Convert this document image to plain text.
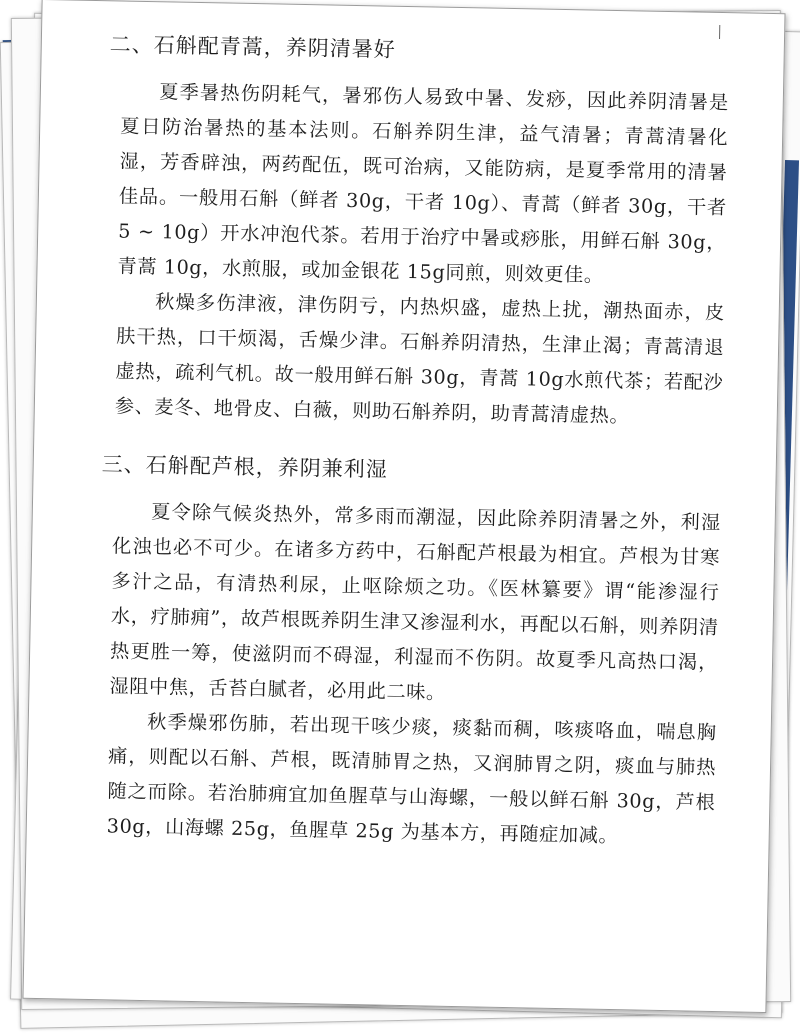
二、石斛配青蒿，养阴清暑好

夏季暑热伤阴耗气，暑邪伤人易致中暑、发痧，因此养阴清暑是夏日防治暑热的基本法则。石斛养阴生津，益气清暑；青蒿清暑化湿，芳香辟浊，两药配伍，既可治病，又能防病，是夏季常用的清暑佳品。一般用石斛（鲜者 30g，干者 10g）、青蒿（鲜者 30g，干者 5 ~ 10g）开水冲泡代茶。若用于治疗中暑或痧胀，用鲜石斛 30g，青蒿 10g，水煎服，或加金银花 15g同煎，则效更佳。

秋燥多伤津液，津伤阴亏，内热炽盛，虚热上扰，潮热面赤，皮肤干热，口干烦渴，舌燥少津。石斛养阴清热，生津止渴；青蒿清退虚热，疏利气机。故一般用鲜石斛 30g，青蒿 10g水煎代茶；若配沙参、麦冬、地骨皮、白薇，则助石斛养阴，助青蒿清虚热。

三、石斛配芦根，养阴兼利湿

夏令除气候炎热外，常多雨而潮湿，因此除养阴清暑之外，利湿化浊也必不可少。在诸多方药中，石斛配芦根最为相宜。芦根为甘寒多汁之品，有清热利尿，止呕除烦之功。《医林纂要》谓“能渗湿行水，疗肺痈”，故芦根既养阴生津又渗湿利水，再配以石斛，则养阴清热更胜一筹，使滋阴而不碍湿，利湿而不伤阴。故夏季凡高热口渴，湿阻中焦，舌苔白腻者，必用此二味。

秋季燥邪伤肺，若出现干咳少痰，痰黏而稠，咳痰咯血，喘息胸痛，则配以石斛、芦根，既清肺胃之热，又润肺胃之阴，痰血与肺热随之而除。若治肺痈宜加鱼腥草与山海螺，一般以鲜石斛 30g，芦根 30g，山海螺 25g，鱼腥草 25g 为基本方，再随症加减。
